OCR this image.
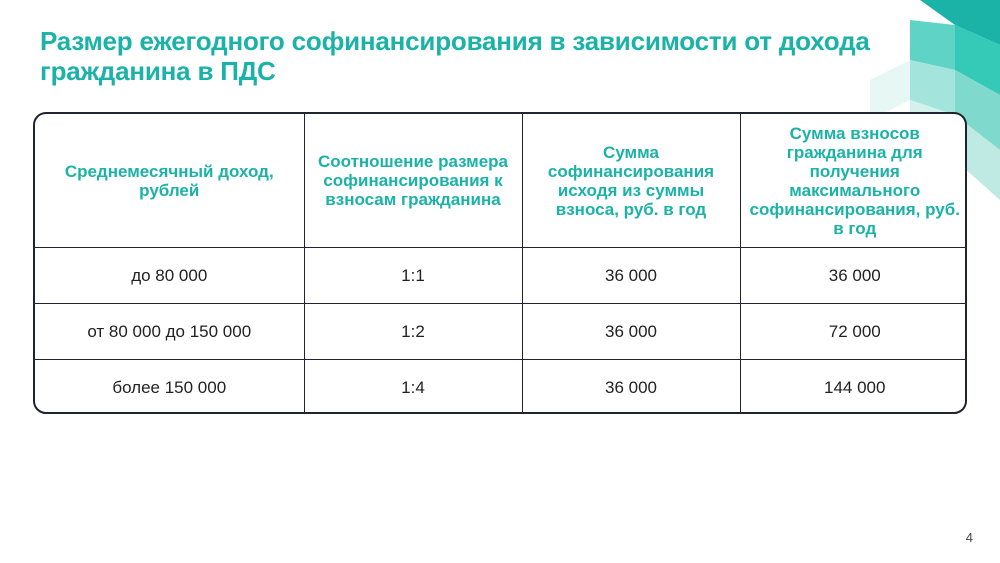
Размер ежегодного софинансирования в зависимости от дохода гражданина в ПДС
Среднемесячный доход, рублей	Соотношение размера софинансирования к взносам гражданина	Сумма софинансирования исходя из суммы взноса, руб. в год	Сумма взносов гражданина для получения максимального софинансирования, руб. в год
до 80 000	1:1	36 000	36 000
от 80 000 до 150 000	1:2	36 000	72 000
более 150 000	1:4	36 000	144 000
4
